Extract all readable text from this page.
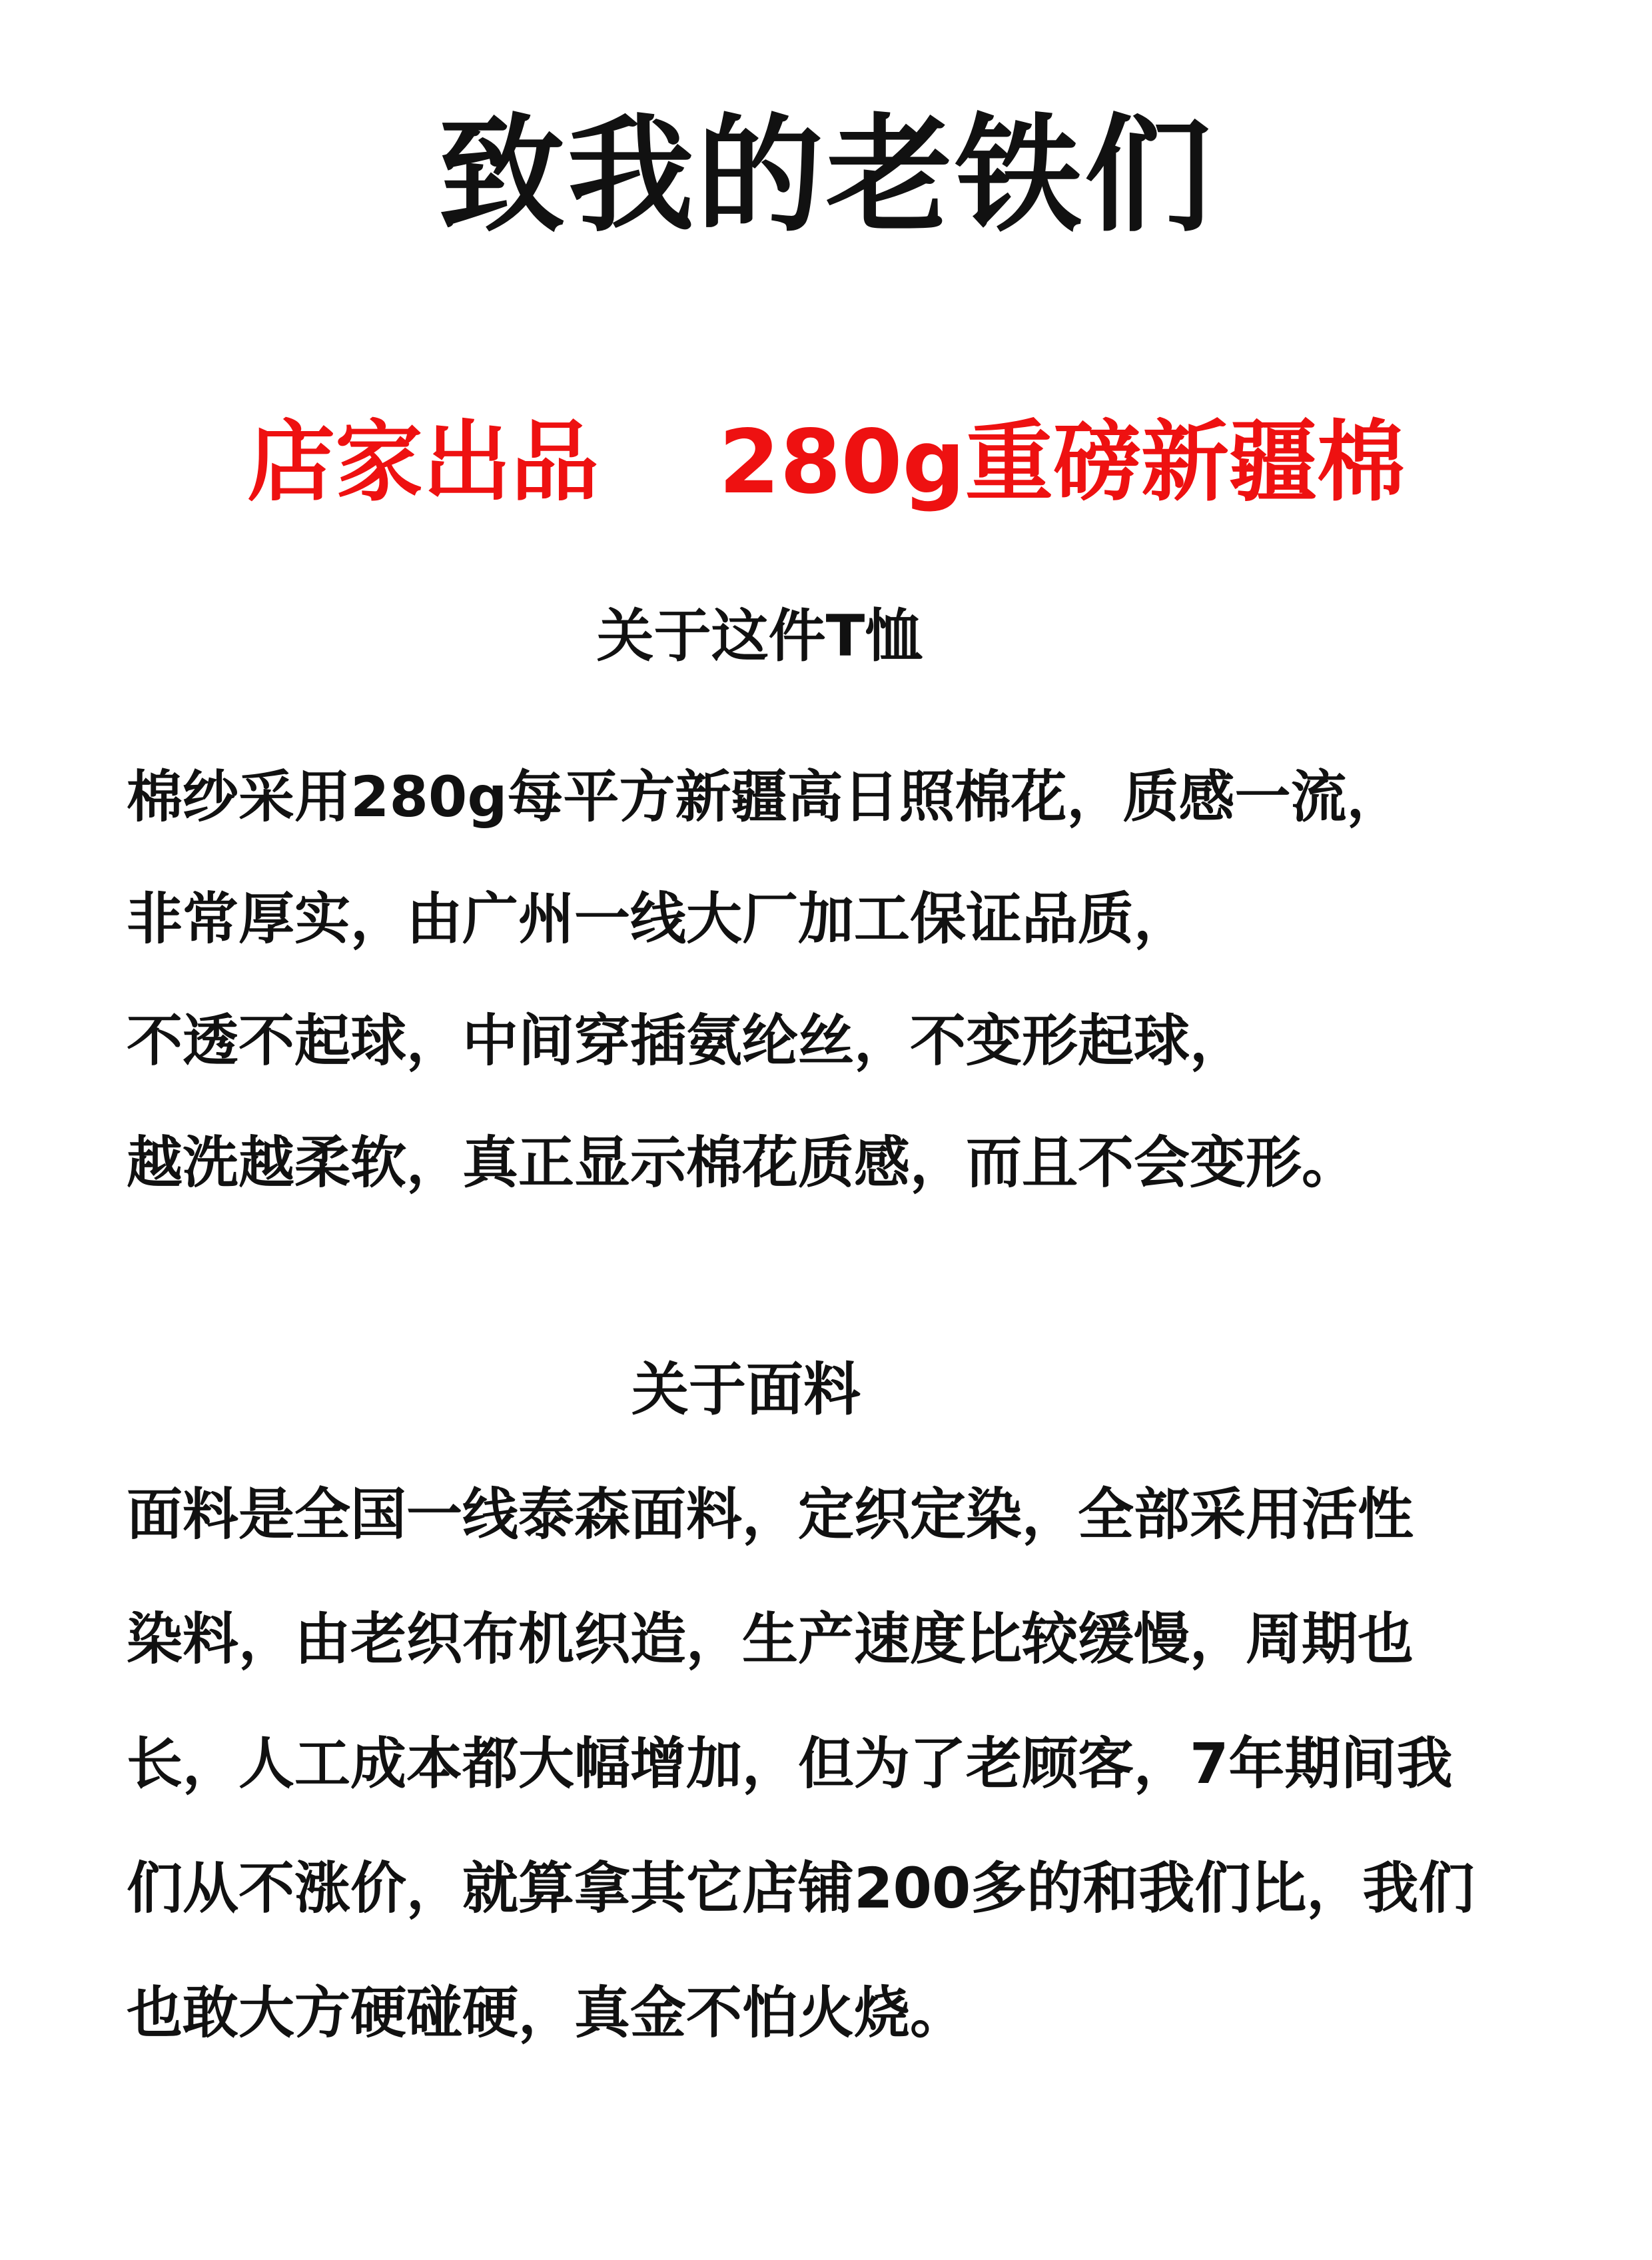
致我的老铁们
店家出品 280g重磅新疆棉
关于这件T恤
棉纱采用280g每平方新疆高日照棉花，质感一流，
非常厚实，由广州一线大厂加工保证品质，
不透不起球，中间穿插氨纶丝，不变形起球，
越洗越柔软，真正显示棉花质感，而且不会变形。
关于面料
面料是全国一线泰森面料，定织定染，全部采用活性
染料，由老织布机织造，生产速度比较缓慢，周期也
长，人工成本都大幅增加，但为了老顾客，7年期间我
们从不涨价，就算拿其它店铺200多的和我们比，我们
也敢大方硬碰硬，真金不怕火烧。
